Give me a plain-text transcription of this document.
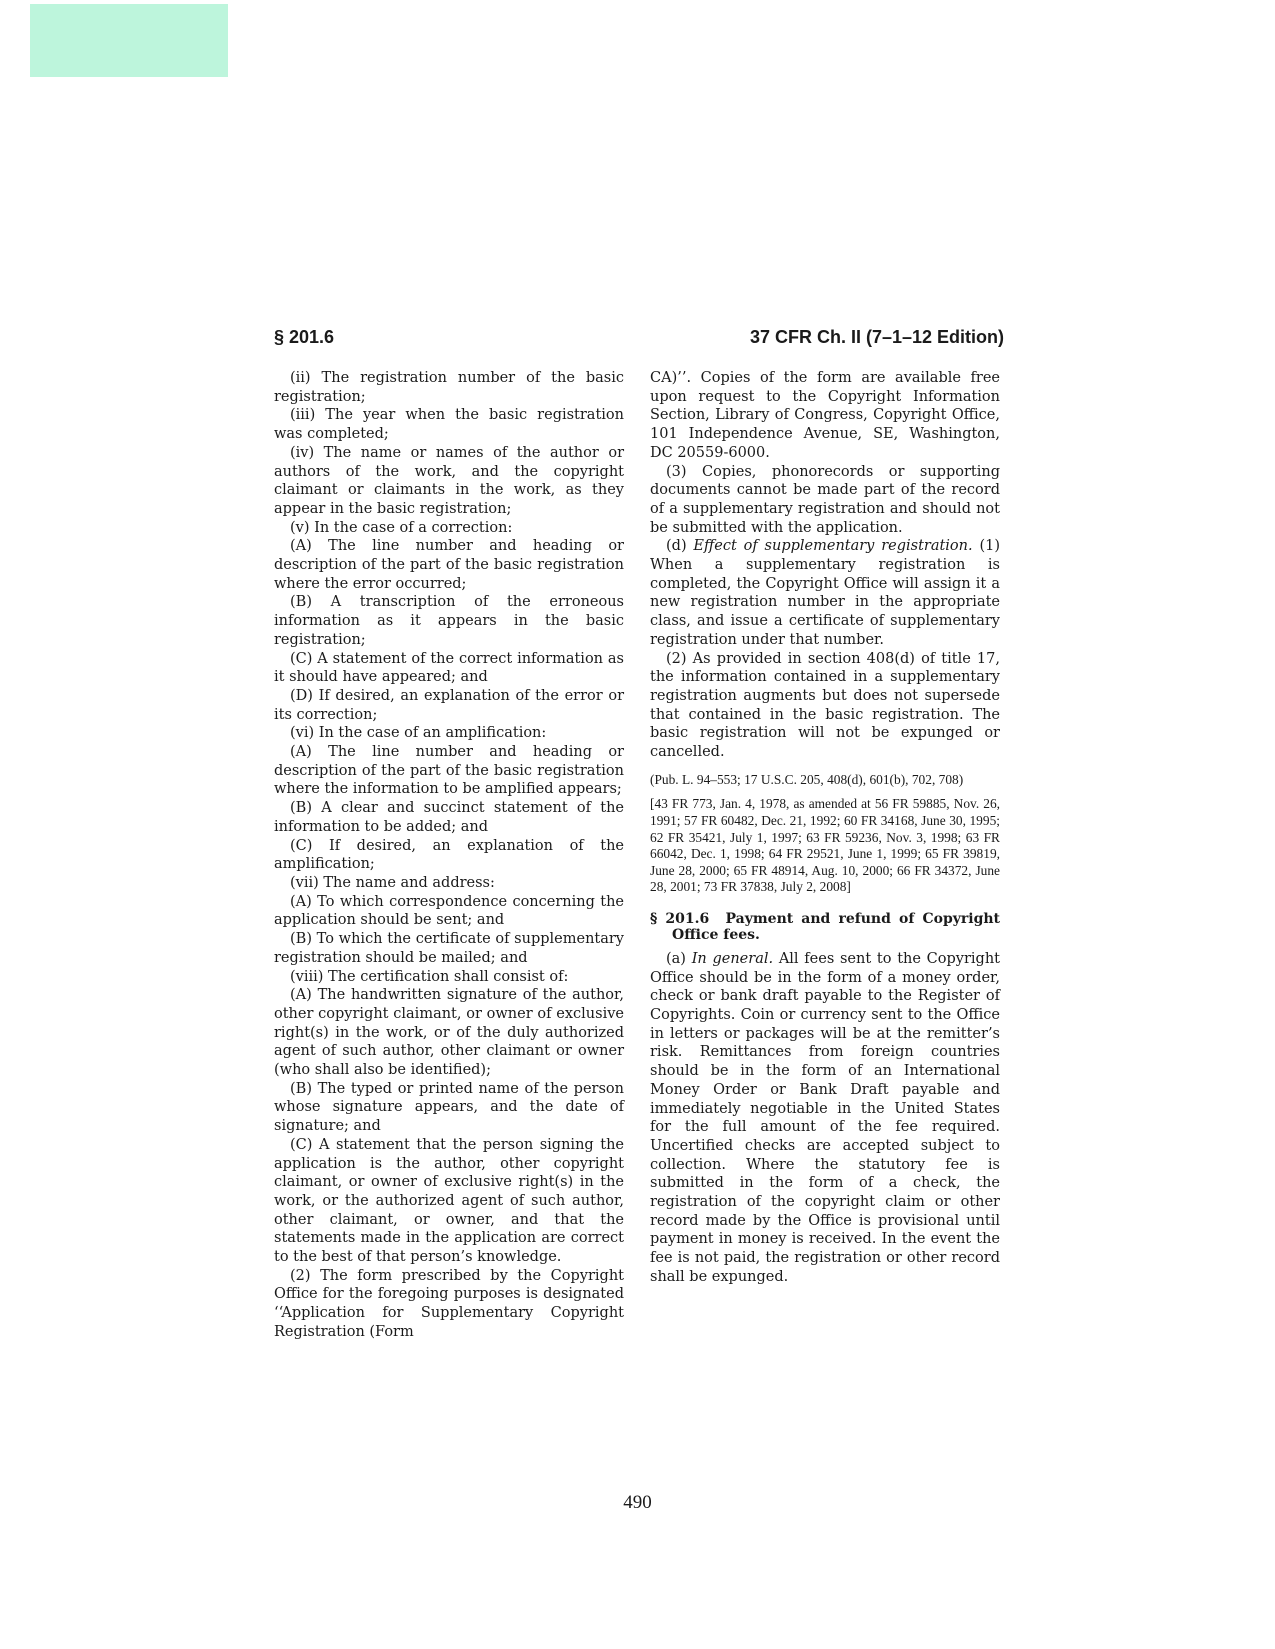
§ 201.6	37 CFR Ch. II (7–1–12 Edition)

(ii) The registration number of the basic registration;

(iii) The year when the basic registration was completed;

(iv) The name or names of the author or authors of the work, and the copyright claimant or claimants in the work, as they appear in the basic registration;

(v) In the case of a correction:

(A) The line number and heading or description of the part of the basic registration where the error occurred;

(B) A transcription of the erroneous information as it appears in the basic registration;

(C) A statement of the correct information as it should have appeared; and

(D) If desired, an explanation of the error or its correction;

(vi) In the case of an amplification:

(A) The line number and heading or description of the part of the basic registration where the information to be amplified appears;

(B) A clear and succinct statement of the information to be added; and

(C) If desired, an explanation of the amplification;

(vii) The name and address:

(A) To which correspondence concerning the application should be sent; and

(B) To which the certificate of supplementary registration should be mailed; and

(viii) The certification shall consist of:

(A) The handwritten signature of the author, other copyright claimant, or owner of exclusive right(s) in the work, or of the duly authorized agent of such author, other claimant or owner (who shall also be identified);

(B) The typed or printed name of the person whose signature appears, and the date of signature; and

(C) A statement that the person signing the application is the author, other copyright claimant, or owner of exclusive right(s) in the work, or the authorized agent of such author, other claimant, or owner, and that the statements made in the application are correct to the best of that person’s knowledge.

(2) The form prescribed by the Copyright Office for the foregoing purposes is designated ‘‘Application for Supplementary Copyright Registration (Form

CA)’’. Copies of the form are available free upon request to the Copyright Information Section, Library of Congress, Copyright Office, 101 Independence Avenue, SE, Washington, DC 20559-6000.

(3) Copies, phonorecords or supporting documents cannot be made part of the record of a supplementary registration and should not be submitted with the application.

(d) Effect of supplementary registration. (1) When a supplementary registration is completed, the Copyright Office will assign it a new registration number in the appropriate class, and issue a certificate of supplementary registration under that number.

(2) As provided in section 408(d) of title 17, the information contained in a supplementary registration augments but does not supersede that contained in the basic registration. The basic registration will not be expunged or cancelled.

(Pub. L. 94–553; 17 U.S.C. 205, 408(d), 601(b), 702, 708)

[43 FR 773, Jan. 4, 1978, as amended at 56 FR 59885, Nov. 26, 1991; 57 FR 60482, Dec. 21, 1992; 60 FR 34168, June 30, 1995; 62 FR 35421, July 1, 1997; 63 FR 59236, Nov. 3, 1998; 63 FR 66042, Dec. 1, 1998; 64 FR 29521, June 1, 1999; 65 FR 39819, June 28, 2000; 65 FR 48914, Aug. 10, 2000; 66 FR 34372, June 28, 2001; 73 FR 37838, July 2, 2008]

§ 201.6 Payment and refund of Copyright Office fees.

(a) In general. All fees sent to the Copyright Office should be in the form of a money order, check or bank draft payable to the Register of Copyrights. Coin or currency sent to the Office in letters or packages will be at the remitter’s risk. Remittances from foreign countries should be in the form of an International Money Order or Bank Draft payable and immediately negotiable in the United States for the full amount of the fee required. Uncertified checks are accepted subject to collection. Where the statutory fee is submitted in the form of a check, the registration of the copyright claim or other record made by the Office is provisional until payment in money is received. In the event the fee is not paid, the registration or other record shall be expunged.

490
